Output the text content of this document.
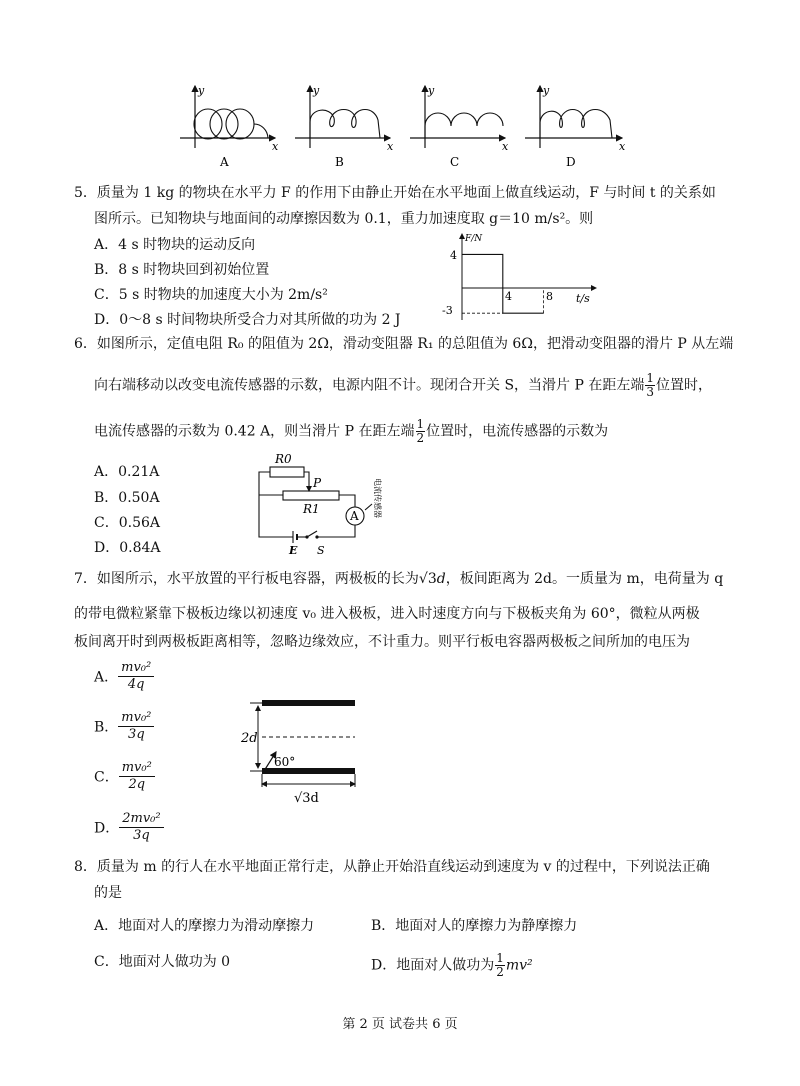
y
x
A
y
x
B
y
x
C
y
x
D
5．质量为 1 kg 的物块在水平力 F 的作用下由静止开始在水平地面上做直线运动，F 与时间 t 的关系如
图所示。已知物块与地面间的动摩擦因数为 0.1，重力加速度取 g＝10 m/s²。则
A．4 s 时物块的运动反向
B．8 s 时物块回到初始位置
C．5 s 时物块的加速度大小为 2m/s²
D．0～8 s 时间物块所受合力对其所做的功为 2 J
F/N
t/s
4
-3
4	8
6．如图所示，定值电阻 R₀ 的阻值为 2Ω，滑动变阻器 R₁ 的总阻值为 6Ω，把滑动变阻器的滑片 P 从左端
向右端移动以改变电流传感器的示数，电源内阻不计。现闭合开关 S，当滑片 P 在距左端 $\frac{1}{3}$ 位置时，
电流传感器的示数为 0.42 A，则当滑片 P 在距左端 $\frac{1}{2}$ 位置时，电流传感器的示数为
A．0.21A
B．0.50A
C．0.56A
D．0.84A
R0
P
R1	A
E S
电流传感器
7．如图所示，水平放置的平行板电容器，两极板的长为√3d，板间距离为 2d。一质量为 m，电荷量为 q
的带电微粒紧靠下极板边缘以初速度 v₀ 进入极板，进入时速度方向与下极板夹角为 60°，微粒从两极
板间离开时到两极板距离相等，忽略边缘效应，不计重力。则平行板电容器两极板之间所加的电压为
A． $\frac{\text{mv₀²}}{4q}$
B． $\frac{\text{mv₀²}}{3q}$
C． $\frac{\text{mv₀²}}{2q}$
D． $\frac{\text{2mv₀²}}{3q}$
2d
60°
√3d
8．质量为 m 的行人在水平地面正常行走，从静止开始沿直线运动到速度为 v 的过程中，下列说法正确
的是
A．地面对人的摩擦力为滑动摩擦力	B．地面对人的摩擦力为静摩擦力
C．地面对人做功为 0	D．地面对人做功为 $\frac{1}{2} mv^2$
第 2 页 试卷共 6 页
